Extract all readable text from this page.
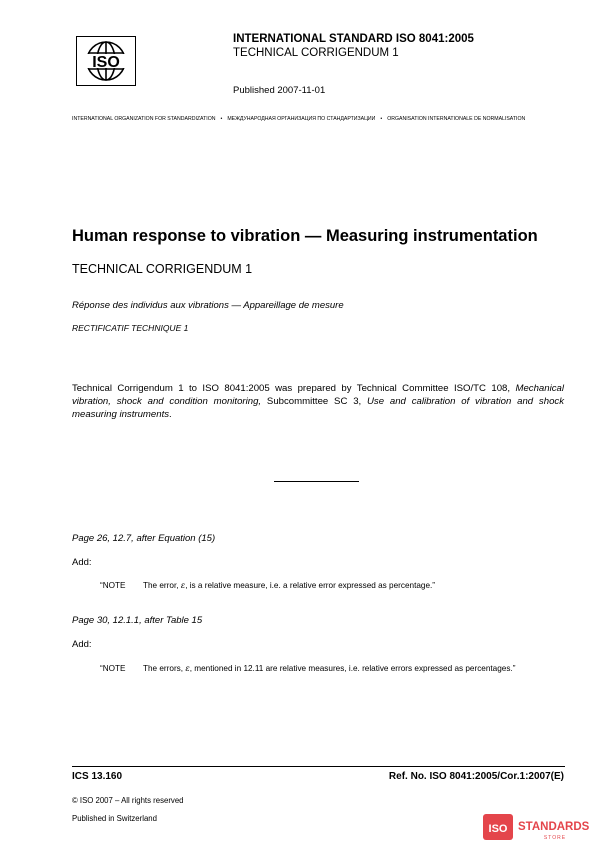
ISO
INTERNATIONAL STANDARD ISO 8041:2005
TECHNICAL CORRIGENDUM 1
Published 2007-11-01
INTERNATIONAL ORGANIZATION FOR STANDARDIZATION • МЕЖДУНАРОДНАЯ ОРГАНИЗАЦИЯ ПО СТАНДАРТИЗАЦИИ • ORGANISATION INTERNATIONALE DE NORMALISATION
Human response to vibration — Measuring instrumentation
TECHNICAL CORRIGENDUM 1
Réponse des individus aux vibrations — Appareillage de mesure
RECTIFICATIF TECHNIQUE 1
Technical Corrigendum 1 to ISO 8041:2005 was prepared by Technical Committee ISO/TC 108, Mechanical vibration, shock and condition monitoring, Subcommittee SC 3, Use and calibration of vibration and shock measuring instruments.
Page 26, 12.7, after Equation (15)
Add:
“NOTE The error, ε, is a relative measure, i.e. a relative error expressed as percentage.”
Page 30, 12.1.1, after Table 15
Add:
“NOTE The errors, ε, mentioned in 12.11 are relative measures, i.e. relative errors expressed as percentages.”
ICS 13.160	Ref. No. ISO 8041:2005/Cor.1:2007(E)
© ISO 2007 – All rights reserved
Published in Switzerland
ISO STANDARDS
STORE
